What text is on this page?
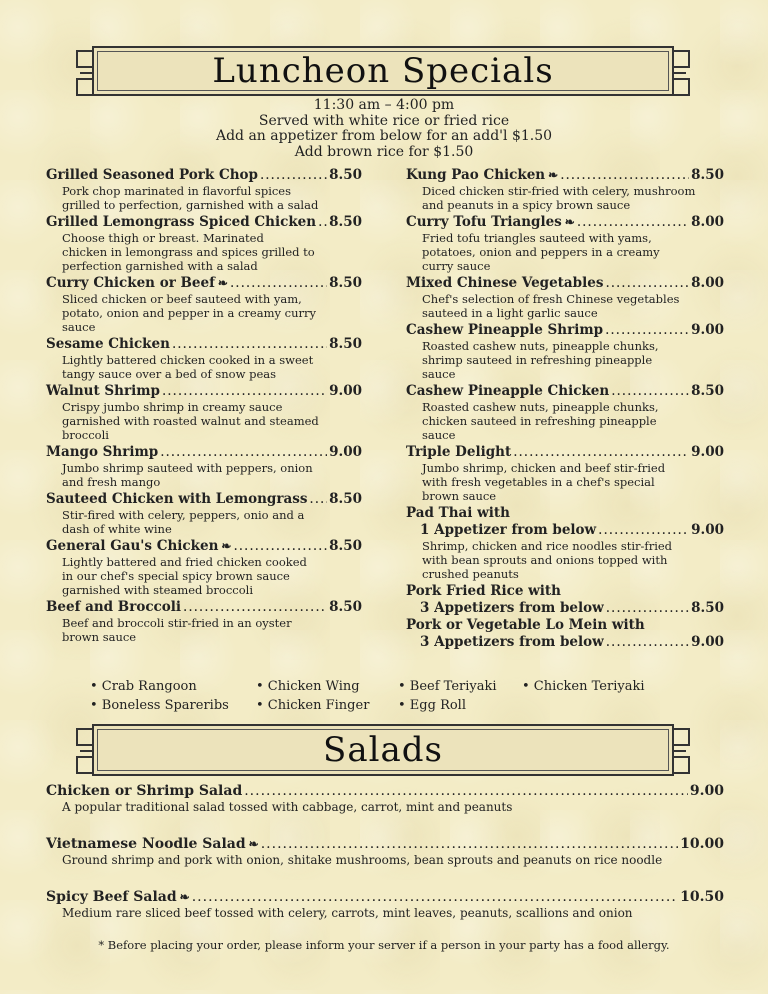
Luncheon Specials
11:30 am – 4:00 pm
Served with white rice or fried rice
Add an appetizer from below for an add'l $1.50
Add brown rice for $1.50
Grilled Seasoned Pork Chop .....	8.50
Pork chop marinated in flavorful spices
grilled to perfection, garnished with a salad
Grilled Lemongrass Spiced Chicken ..... 8.50
Choose thigh or breast. Marinated
chicken in lemongrass and spices grilled to
perfection garnished with a salad
Curry Chicken or Beef ❧ .....	8.50
Sliced chicken or beef sauteed with yam,
potato, onion and pepper in a creamy curry
sauce
Sesame Chicken .....	8.50
Lightly battered chicken cooked in a sweet
tangy sauce over a bed of snow peas
Walnut Shrimp .....	9.00
Crispy jumbo shrimp in creamy sauce
garnished with roasted walnut and steamed
broccoli
Mango Shrimp .....	9.00
Jumbo shrimp sauteed with peppers, onion
and fresh mango
Sauteed Chicken with Lemongrass ..... 8.50
Stir-fired with celery, peppers, onio and a
dash of white wine
General Gau's Chicken ❧ .....	8.50
Lightly battered and fried chicken cooked
in our chef's special spicy brown sauce
garnished with steamed broccoli
Beef and Broccoli .....	8.50
Beef and broccoli stir-fried in an oyster
brown sauce
Kung Pao Chicken ❧ .....	8.50
Diced chicken stir-fried with celery, mushroom
and peanuts in a spicy brown sauce
Curry Tofu Triangles ❧ .....	8.00
Fried tofu triangles sauteed with yams,
potatoes, onion and peppers in a creamy
curry sauce
Mixed Chinese Vegetables .....	8.00
Chef's selection of fresh Chinese vegetables
sauteed in a light garlic sauce
Cashew Pineapple Shrimp .....	9.00
Roasted cashew nuts, pineapple chunks,
shrimp sauteed in refreshing pineapple
sauce
Cashew Pineapple Chicken .....	8.50
Roasted cashew nuts, pineapple chunks,
chicken sauteed in refreshing pineapple
sauce
Triple Delight .....	9.00
Jumbo shrimp, chicken and beef stir-fried
with fresh vegetables in a chef's special
brown sauce
Pad Thai with
1 Appetizer from below .....	9.00
Shrimp, chicken and rice noodles stir-fried
with bean sprouts and onions topped with
crushed peanuts
Pork Fried Rice with
3 Appetizers from below .....	8.50
Pork or Vegetable Lo Mein with
3 Appetizers from below .....	9.00
• Crab Rangoon	• Chicken Wing	• Beef Teriyaki	• Chicken Teriyaki
• Boneless Spareribs	• Chicken Finger	• Egg Roll
Salads
Chicken or Shrimp Salad .....	9.00
A popular traditional salad tossed with cabbage, carrot, mint and peanuts
Vietnamese Noodle Salad ❧ .....	10.00
Ground shrimp and pork with onion, shitake mushrooms, bean sprouts and peanuts on rice noodle
Spicy Beef Salad ❧ .....	10.50
Medium rare sliced beef tossed with celery, carrots, mint leaves, peanuts, scallions and onion
* Before placing your order, please inform your server if a person in your party has a food allergy.
